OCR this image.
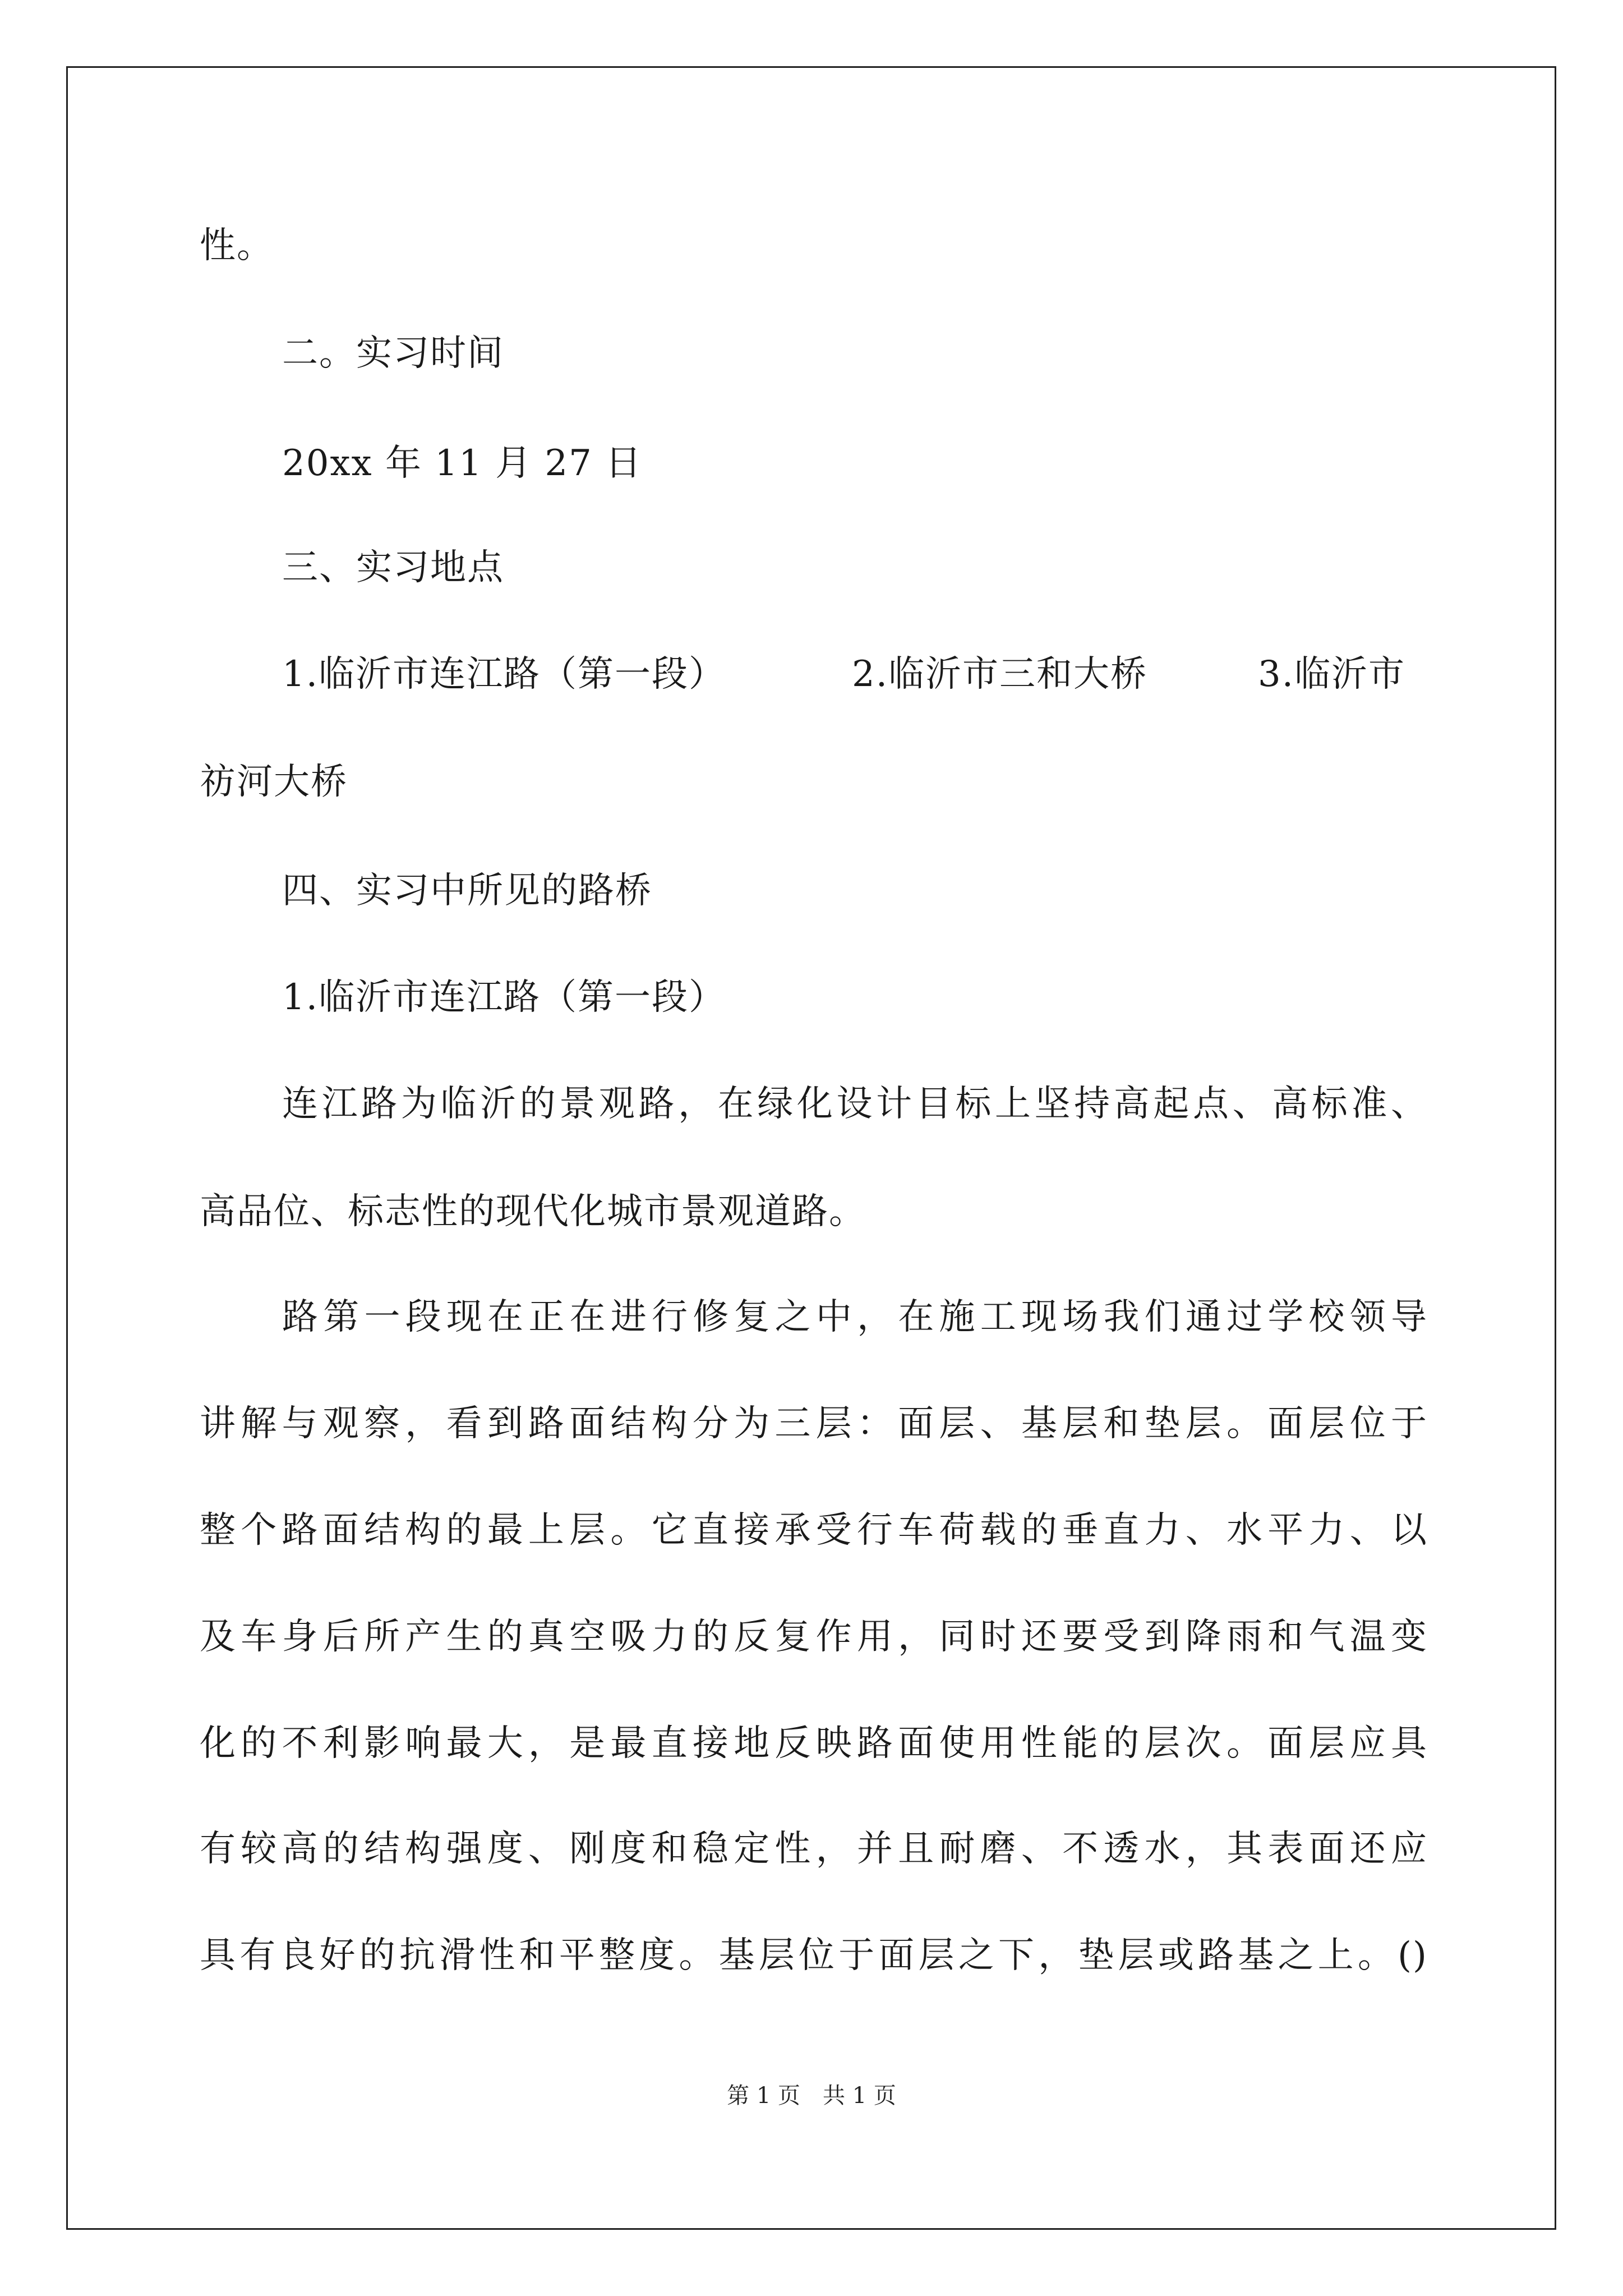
性。
二。实习时间
20xx 年 11 月 27 日
三、实习地点
1.临沂市连江路（第一段）	2.临沂市三和大桥	3.临沂市
祊河大桥
四、实习中所见的路桥
1.临沂市连江路（第一段）
连江路为临沂的景观路，在绿化设计目标上坚持高起点、高标准、
高品位、标志性的现代化城市景观道路。
路第一段现在正在进行修复之中，在施工现场我们通过学校领导
讲解与观察，看到路面结构分为三层：面层、基层和垫层。面层位于
整个路面结构的最上层。它直接承受行车荷载的垂直力、水平力、以
及车身后所产生的真空吸力的反复作用，同时还要受到降雨和气温变
化的不利影响最大，是最直接地反映路面使用性能的层次。面层应具
有较高的结构强度、刚度和稳定性，并且耐磨、不透水，其表面还应
具有良好的抗滑性和平整度。基层位于面层之下，垫层或路基之上。()
第 1 页 共 1 页
